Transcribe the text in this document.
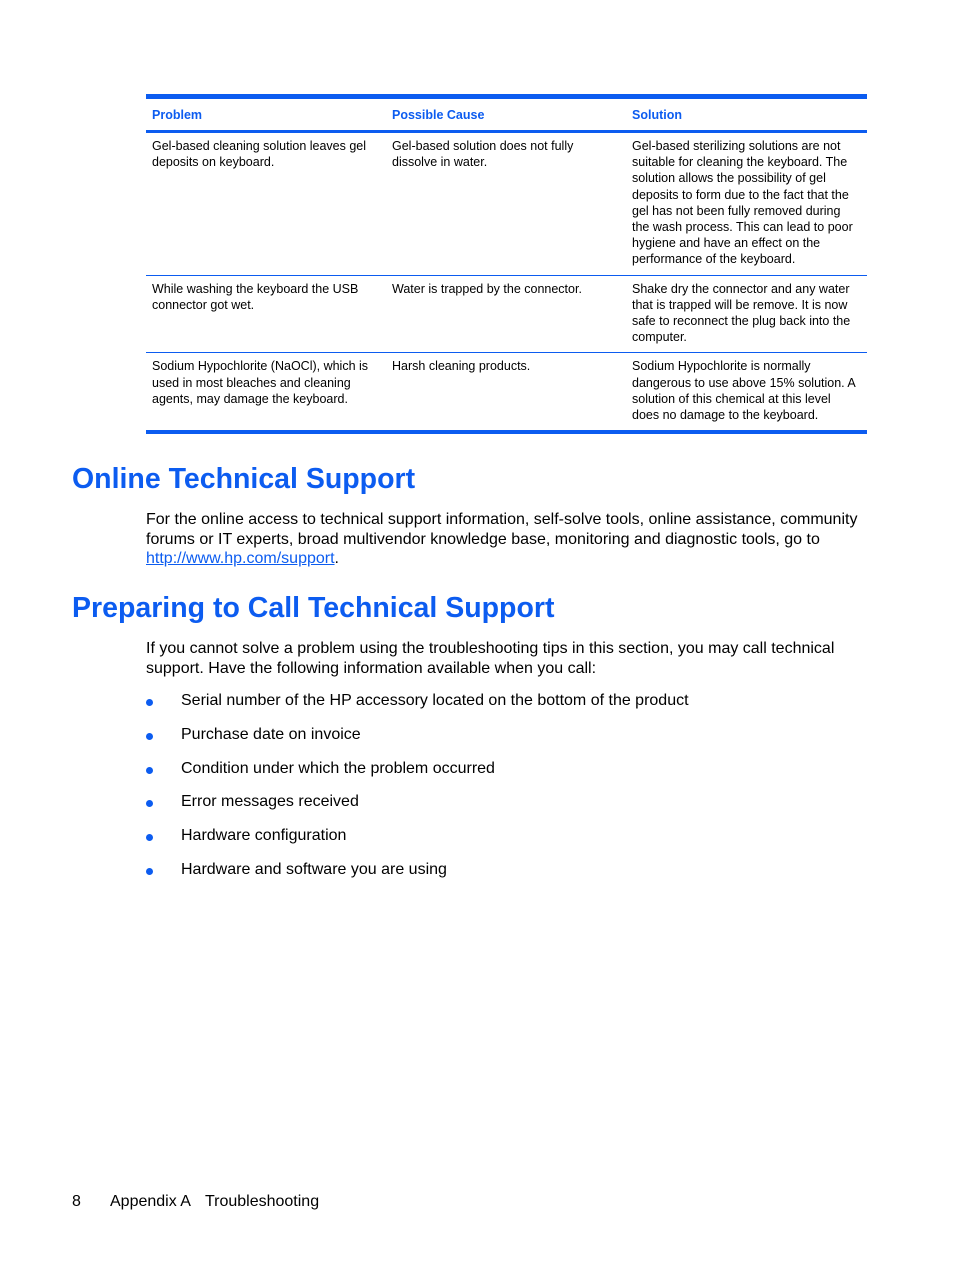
Problem	Possible Cause	Solution
Gel-based cleaning solution leaves gel deposits on keyboard.	Gel-based solution does not fully dissolve in water.	Gel-based sterilizing solutions are not suitable for cleaning the keyboard. The solution allows the possibility of gel deposits to form due to the fact that the gel has not been fully removed during the wash process. This can lead to poor hygiene and have an effect on the performance of the keyboard.
While washing the keyboard the USB connector got wet.	Water is trapped by the connector.	Shake dry the connector and any water that is trapped will be remove. It is now safe to reconnect the plug back into the computer.
Sodium Hypochlorite (NaOCl), which is used in most bleaches and cleaning agents, may damage the keyboard.	Harsh cleaning products.	Sodium Hypochlorite is normally dangerous to use above 15% solution. A solution of this chemical at this level does no damage to the keyboard.
Online Technical Support

For the online access to technical support information, self-solve tools, online assistance, community forums or IT experts, broad multivendor knowledge base, monitoring and diagnostic tools, go to http://www.hp.com/support.

Preparing to Call Technical Support

If you cannot solve a problem using the troubleshooting tips in this section, you may call technical support. Have the following information available when you call:

Serial number of the HP accessory located on the bottom of the product
Purchase date on invoice
Condition under which the problem occurred
Error messages received
Hardware configuration
Hardware and software you are using
8 Appendix A Troubleshooting
